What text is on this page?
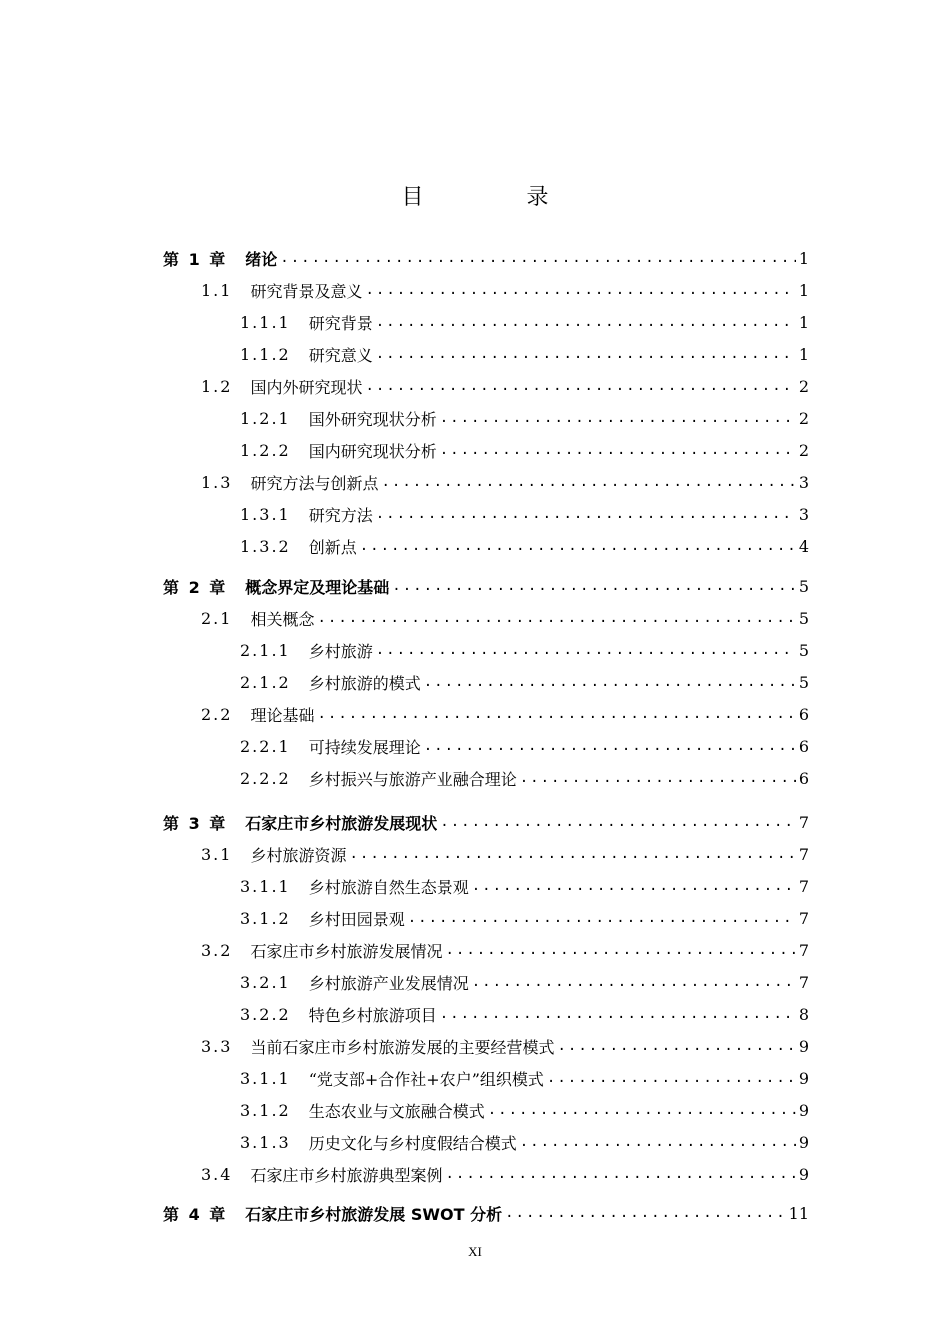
目 录
第 1 章 绪论 .....	1
1.1 研究背景及意义 .....	1
1.1.1 研究背景 .....	1
1.1.2 研究意义 .....	1
1.2 国内外研究现状 .....	2
1.2.1 国外研究现状分析 .....	2
1.2.2 国内研究现状分析 .....	2
1.3 研究方法与创新点 .....	3
1.3.1 研究方法 .....	3
1.3.2 创新点 .....	4
第 2 章 概念界定及理论基础 .....	5
2.1 相关概念 .....	5
2.1.1 乡村旅游 .....	5
2.1.2 乡村旅游的模式 .....	5
2.2 理论基础 .....	6
2.2.1 可持续发展理论 .....	6
2.2.2 乡村振兴与旅游产业融合理论 .....	6
第 3 章 石家庄市乡村旅游发展现状 .....	7
3.1 乡村旅游资源 .....	7
3.1.1 乡村旅游自然生态景观 .....	7
3.1.2 乡村田园景观 .....	7
3.2 石家庄市乡村旅游发展情况 .....	7
3.2.1 乡村旅游产业发展情况 .....	7
3.2.2 特色乡村旅游项目 .....	8
3.3 当前石家庄市乡村旅游发展的主要经营模式 .....	9
3.1.1 “党支部+合作社+农户”组织模式 .....	9
3.1.2 生态农业与文旅融合模式 .....	9
3.1.3 历史文化与乡村度假结合模式 .....	9
3.4 石家庄市乡村旅游典型案例 .....	9
第 4 章 石家庄市乡村旅游发展 SWOT 分析 .....	11
XI
